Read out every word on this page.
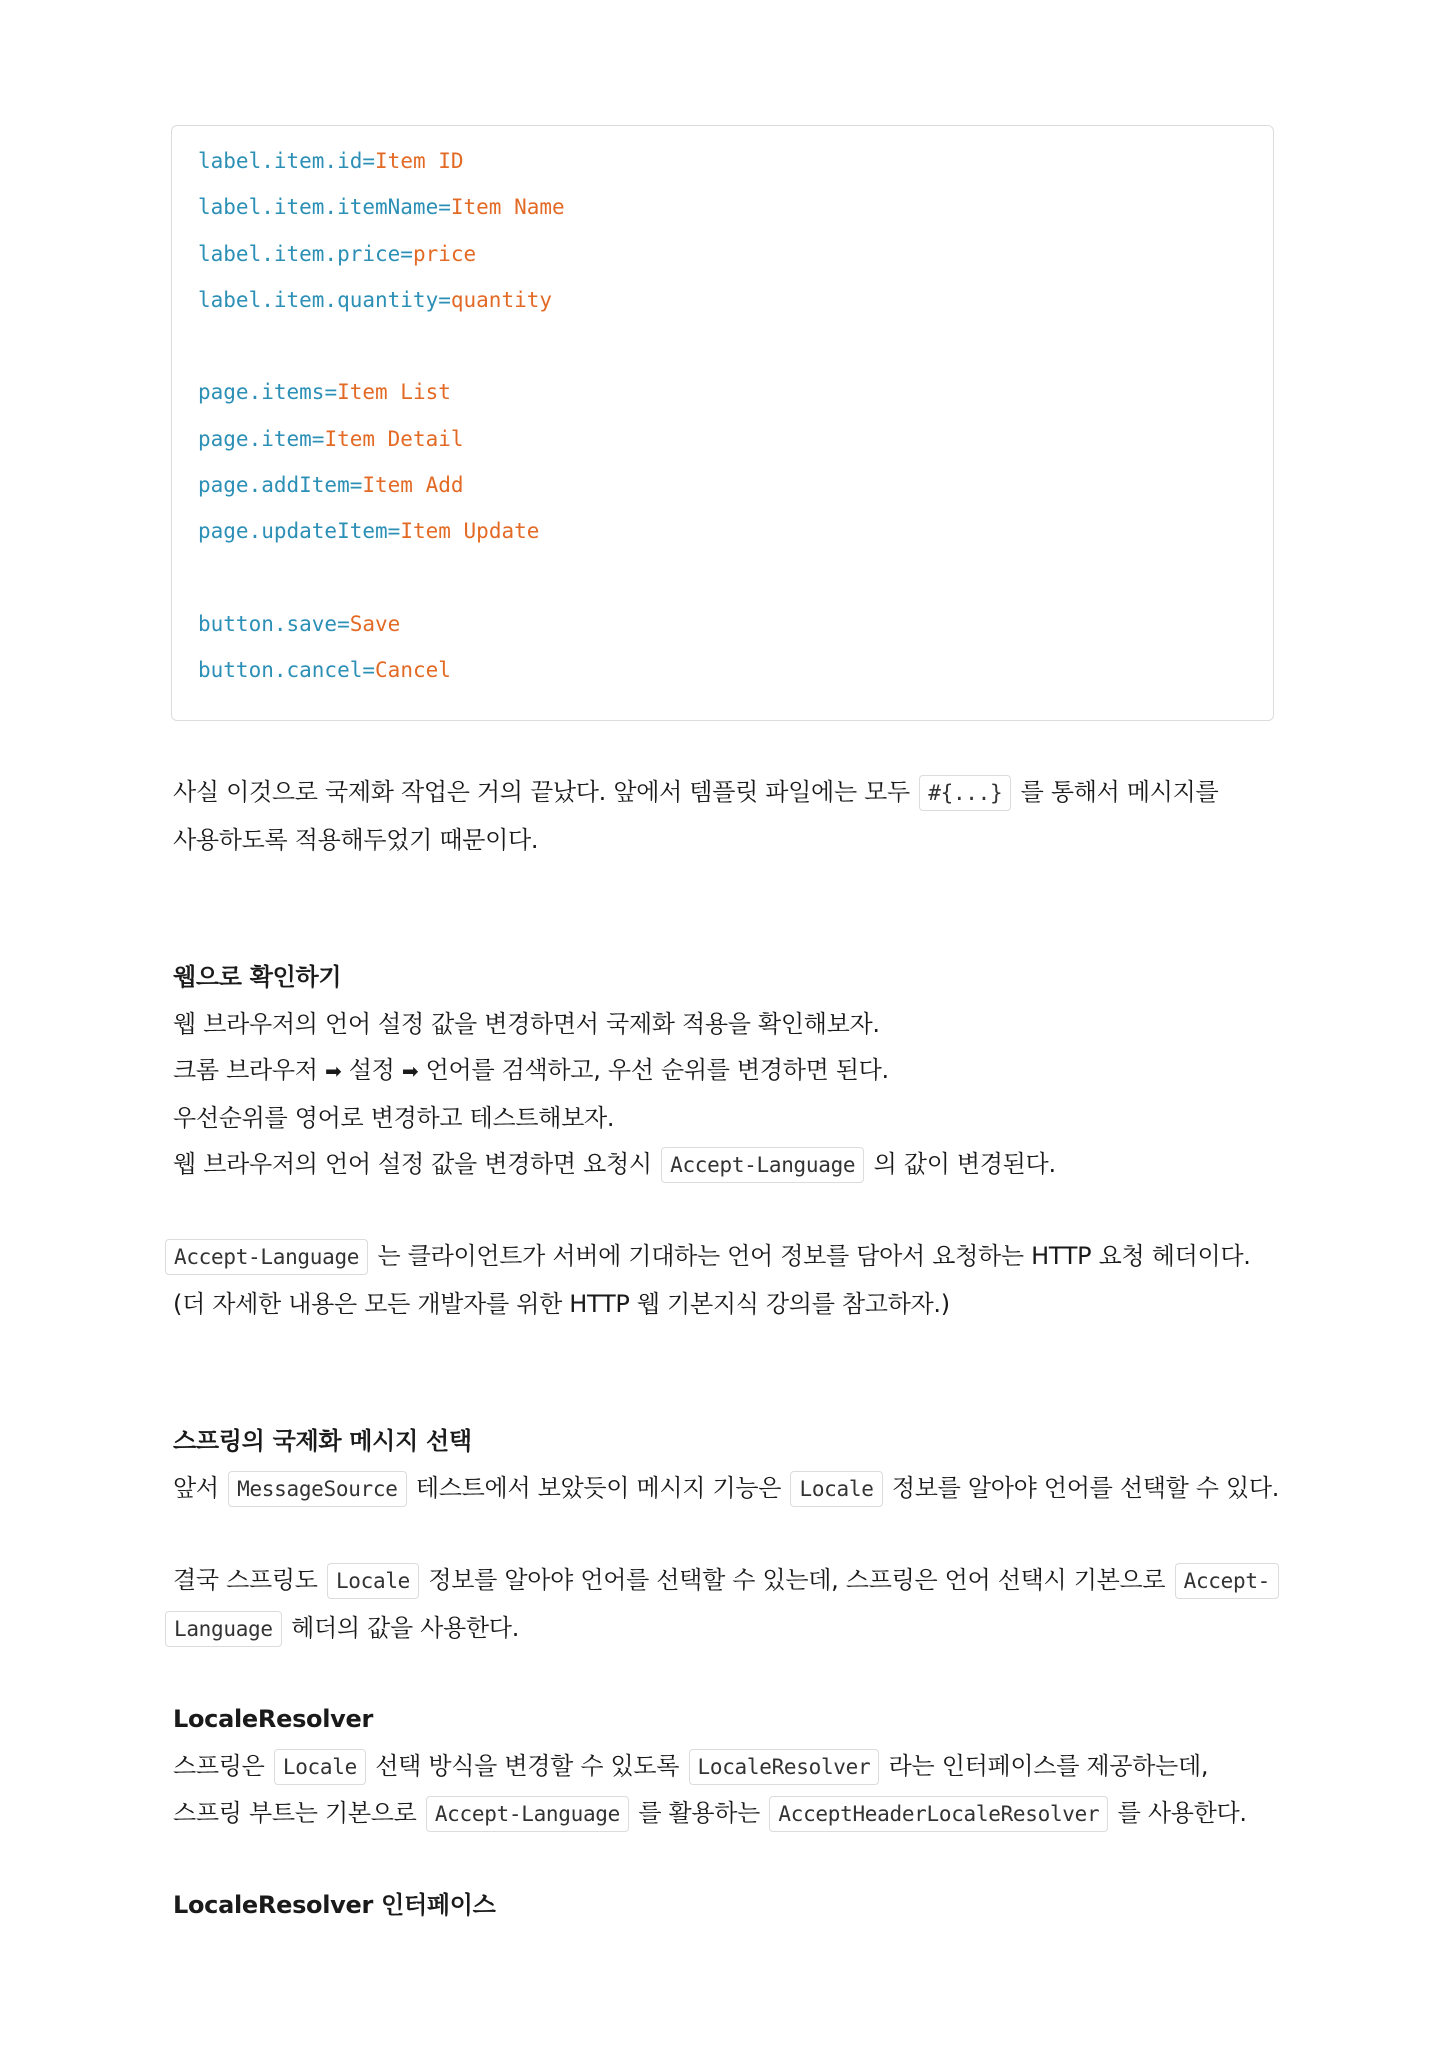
label.item.id=Item ID
label.item.itemName=Item Name
label.item.price=price
label.item.quantity=quantity
page.items=Item List
page.item=Item Detail
page.addItem=Item Add
page.updateItem=Item Update
button.save=Save
button.cancel=Cancel
사실 이것으로 국제화 작업은 거의 끝났다. 앞에서 템플릿 파일에는 모두 #{...} 를 통해서 메시지를
사용하도록 적용해두었기 때문이다.
웹으로 확인하기
웹 브라우저의 언어 설정 값을 변경하면서 국제화 적용을 확인해보자.
크롬 브라우저 ➡ 설정 ➡ 언어를 검색하고, 우선 순위를 변경하면 된다.
우선순위를 영어로 변경하고 테스트해보자.
웹 브라우저의 언어 설정 값을 변경하면 요청시 Accept-Language 의 값이 변경된다.
Accept-Language 는 클라이언트가 서버에 기대하는 언어 정보를 담아서 요청하는 HTTP 요청 헤더이다.
(더 자세한 내용은 모든 개발자를 위한 HTTP 웹 기본지식 강의를 참고하자.)
스프링의 국제화 메시지 선택
앞서 MessageSource 테스트에서 보았듯이 메시지 기능은 Locale 정보를 알아야 언어를 선택할 수 있다.
결국 스프링도 Locale 정보를 알아야 언어를 선택할 수 있는데, 스프링은 언어 선택시 기본으로 Accept-
Language 헤더의 값을 사용한다.
LocaleResolver
스프링은 Locale 선택 방식을 변경할 수 있도록 LocaleResolver 라는 인터페이스를 제공하는데,
스프링 부트는 기본으로 Accept-Language 를 활용하는 AcceptHeaderLocaleResolver 를 사용한다.
LocaleResolver 인터페이스
